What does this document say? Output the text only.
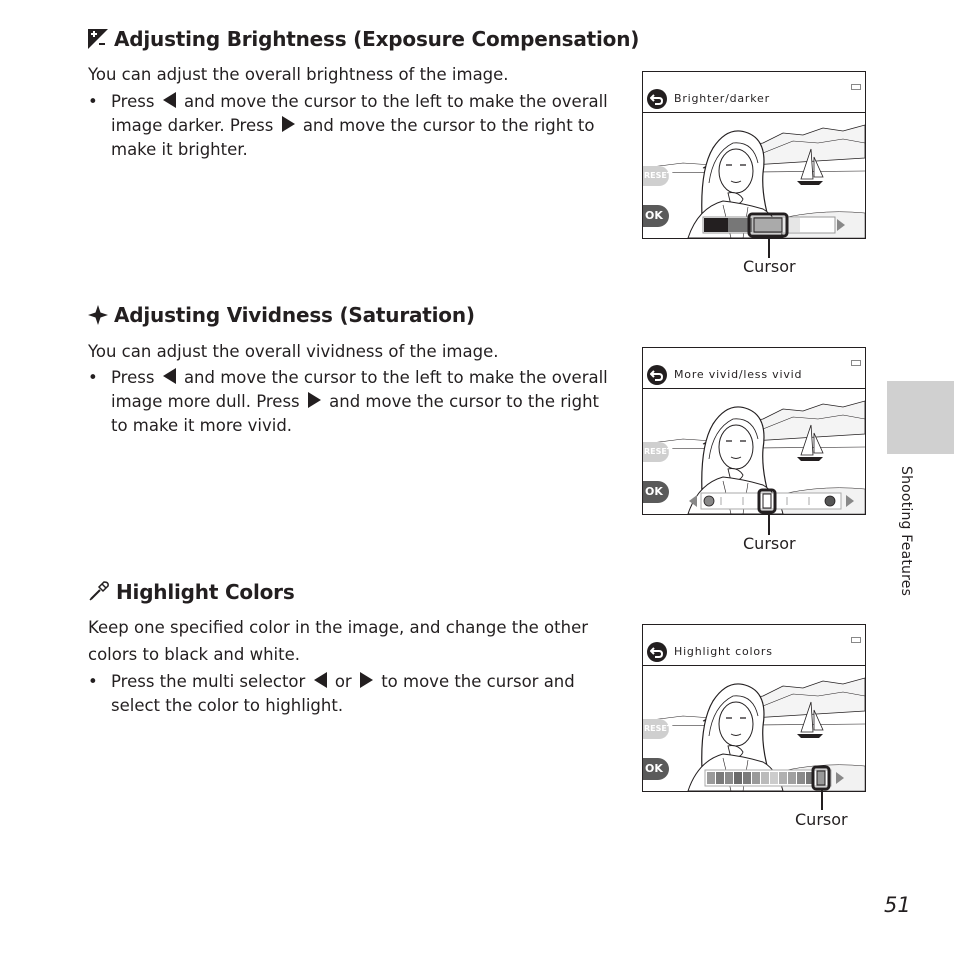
Adjusting Brightness (Exposure Compensation)
You can adjust the overall brightness of the image.
• Press and move the cursor to the left to make the overall image darker. Press and move the cursor to the right to make it brighter.
Brighter/darker
RESET
OK
Cursor
Adjusting Vividness (Saturation)
You can adjust the overall vividness of the image.
• Press and move the cursor to the left to make the overall image more dull. Press and move the cursor to the right to make it more vivid.
More vivid/less vivid
RESET
OK
Cursor
Highlight Colors
Keep one specified color in the image, and change the other colors to black and white.
• Press the multi selector or to move the cursor and select the color to highlight.
Highlight colors
RESET
OK
Cursor
Shooting Features
51
